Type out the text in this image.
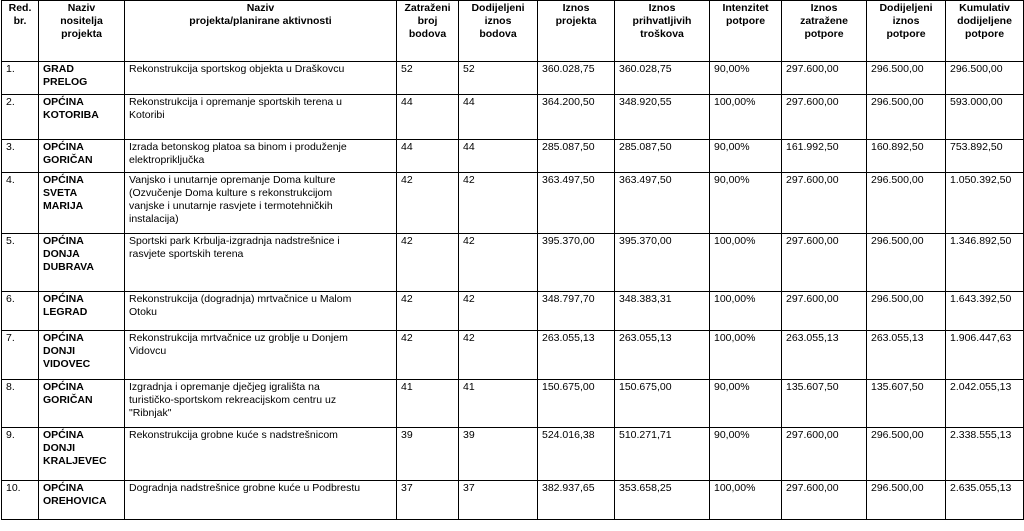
Red.
br.	Naziv
nositelja
projekta	Naziv
projekta/planirane aktivnosti	Zatraženi
broj
bodova	Dodijeljeni
iznos
bodova	Iznos
projekta	Iznos
prihvatljivih
troškova	Intenzitet
potpore	Iznos
zatražene
potpore	Dodijeljeni
iznos
potpore	Kumulativ
dodijeljene
potpore
1.	GRAD
PRELOG	Rekonstrukcija sportskog objekta u Draškovcu	52	52	360.028,75	360.028,75	90,00%	297.600,00	296.500,00	296.500,00
2.	OPĆINA
KOTORIBA	Rekonstrukcija i opremanje sportskih terena u
Kotoribi	44	44	364.200,50	348.920,55	100,00%	297.600,00	296.500,00	593.000,00
3.	OPĆINA
GORIČAN	Izrada betonskog platoa sa binom i produženje
elektropriključka	44	44	285.087,50	285.087,50	90,00%	161.992,50	160.892,50	753.892,50
4.	OPĆINA
SVETA
MARIJA	Vanjsko i unutarnje opremanje Doma kulture
(Ozvučenje Doma kulture s rekonstrukcijom
vanjske i unutarnje rasvjete i termotehničkih
instalacija)	42	42	363.497,50	363.497,50	90,00%	297.600,00	296.500,00	1.050.392,50
5.	OPĆINA
DONJA
DUBRAVA	Sportski park Krbulja-izgradnja nadstrešnice i
rasvjete sportskih terena	42	42	395.370,00	395.370,00	100,00%	297.600,00	296.500,00	1.346.892,50
6.	OPĆINA
LEGRAD	Rekonstrukcija (dogradnja) mrtvačnice u Malom
Otoku	42	42	348.797,70	348.383,31	100,00%	297.600,00	296.500,00	1.643.392,50
7.	OPĆINA
DONJI
VIDOVEC	Rekonstrukcija mrtvačnice uz groblje u Donjem
Vidovcu	42	42	263.055,13	263.055,13	100,00%	263.055,13	263.055,13	1.906.447,63
8.	OPĆINA
GORIČAN	Izgradnja i opremanje dječjeg igrališta na
turističko-sportskom rekreacijskom centru uz
"Ribnjak"	41	41	150.675,00	150.675,00	90,00%	135.607,50	135.607,50	2.042.055,13
9.	OPĆINA
DONJI
KRALJEVEC	Rekonstrukcija grobne kuće s nadstrešnicom	39	39	524.016,38	510.271,71	90,00%	297.600,00	296.500,00	2.338.555,13
10.	OPĆINA
OREHOVICA	Dogradnja nadstrešnice grobne kuće u Podbrestu	37	37	382.937,65	353.658,25	100,00%	297.600,00	296.500,00	2.635.055,13
